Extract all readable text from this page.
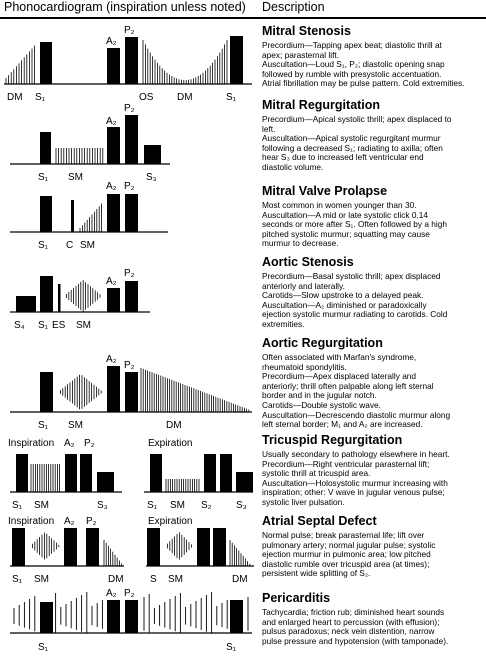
Phonocardiogram (inspiration unless noted) Description
DM S₁
A₂
P₂
OS DM	S₁
A₂
P₂
S₁ SM	S₃
A₂ P₂
S₁ C SM
A₂
P₂
S₄ S₁ ES SM
A₂
P₂
S₁ SM	DM
Inspiration A₂ P₂	Expiration
S₁ SM	S₃	S₁ SM S₂ S₃
Inspiration A₂ P₂	Expiration
S₁ SM	DM	S SM	DM
A₂ P₂
S₁	S₁
Mitral Stenosis
Precordium—Tapping apex beat; diastolic thrill at
apex; parasternal lift.
Auscultation—Loud S₁, P₂; diastolic opening snap
followed by rumble with presystolic accentuation.
Atrial fibrillation may be pulse pattern. Cold extremities.
Mitral Regurgitation
Precordium—Apical systolic thrill; apex displaced to
left.
Auscultation—Apical systolic regurgitant murmur
following a decreased S₁; radiating to axilla; often
hear S₃ due to increased left ventricular end
diastolic volume.
Mitral Valve Prolapse
Most common in women younger than 30.
Auscultation—A mid or late systolic click 0.14
seconds or more after S₁. Often followed by a high
pitched systolic murmur; squatting may cause
murmur to decrease.
Aortic Stenosis
Precordium—Basal systolic thrill; apex displaced
anteriorly and laterally.
Carotids—Slow upstroke to a delayed peak.
Auscultation—A₂ diminished or paradoxically
ejection systolic murmur radiating to carotids. Cold
extremities.
Aortic Regurgitation
Often associated with Marfan's syndrome,
rheumatoid spondylitis.
Precordium—Apex displaced laterally and
anteriorly; thrill often palpable along left sternal
border and in the jugular notch.
Carotids—Double systolic wave.
Auscultation—Decrescendo diastolic murmur along
left sternal border; M₁ and A₂ are increased.
Tricuspid Regurgitation
Usually secondary to pathology elsewhere in heart.
Precordium—Right ventricular parasternal lift;
systolic thrill at tricuspid area.
Auscultation—Holosystolic murmur increasing with
inspiration; other: V wave in jugular venous pulse;
systolic liver pulsation.
Atrial Septal Defect
Normal pulse; break parasternal life; lift over
pulmonary artery; normal jugular pulse; systolic
ejection murmur in pulmonic area; low pitched
diastolic rumble over tricuspid area (at times);
persistent wide splitting of S₂.
Pericarditis
Tachycardia; friction rub; diminished heart sounds
and enlarged heart to percussion (with effusion);
pulsus paradoxus; neck vein distention, narrow
pulse pressure and hypotension (with tamponade).
